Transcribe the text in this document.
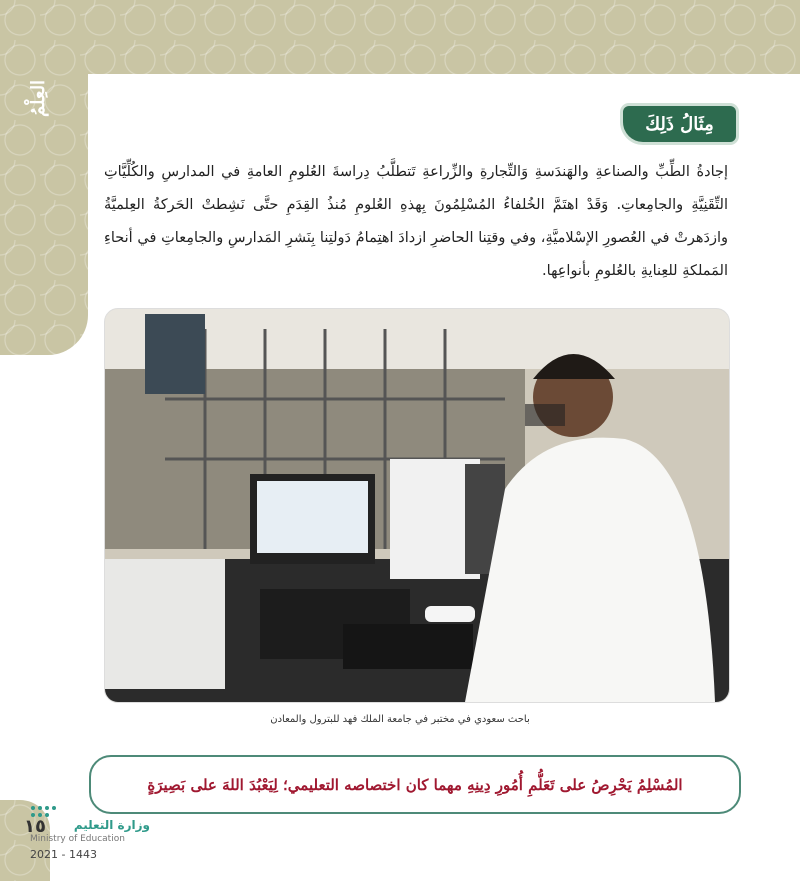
العِلْمُ
مِثَالُ ذَلِكَ
إجادةُ الطِّبِّ والصناعةِ والهَندَسةِ وَالتِّجارةِ والزِّراعةِ تَتطلَّبُ دِراسةَ العُلومِ العامةِ في المدارسِ والكُلِّيَّاتِ التِّقَنِيَّةِ والجامِعاتِ. وَقَدْ اهتَمَّ الخُلفاءُ المُسْلِمُونَ بِهذهِ العُلومِ مُنذُ القِدَمِ حتَّى نَشِطتْ الحَركةُ العِلميَّةُ وازدَهرتْ في العُصورِ الإسْلاميَّةِ، وفي وقتِنا الحاضرِ ازدادَ اهتِمامُ دَولتِنا بِنَشرِ المَدارسِ والجامِعاتِ في أنحاءِ المَملكةِ للعِنايةِ بالعُلومِ بأنواعِها.
باحث سعودي في مختبر في جامعة الملك فهد للبترول والمعادن
المُسْلِمُ يَحْرِصُ على تَعَلُّمِ أُمُورِ دِينِهِ مهما كان اختصاصه التعليمي؛ لِيَعْبُدَ اللهَ على بَصِيرَةٍ
١٥	وزارة التعليم
Ministry of Education
2021 - 1443
